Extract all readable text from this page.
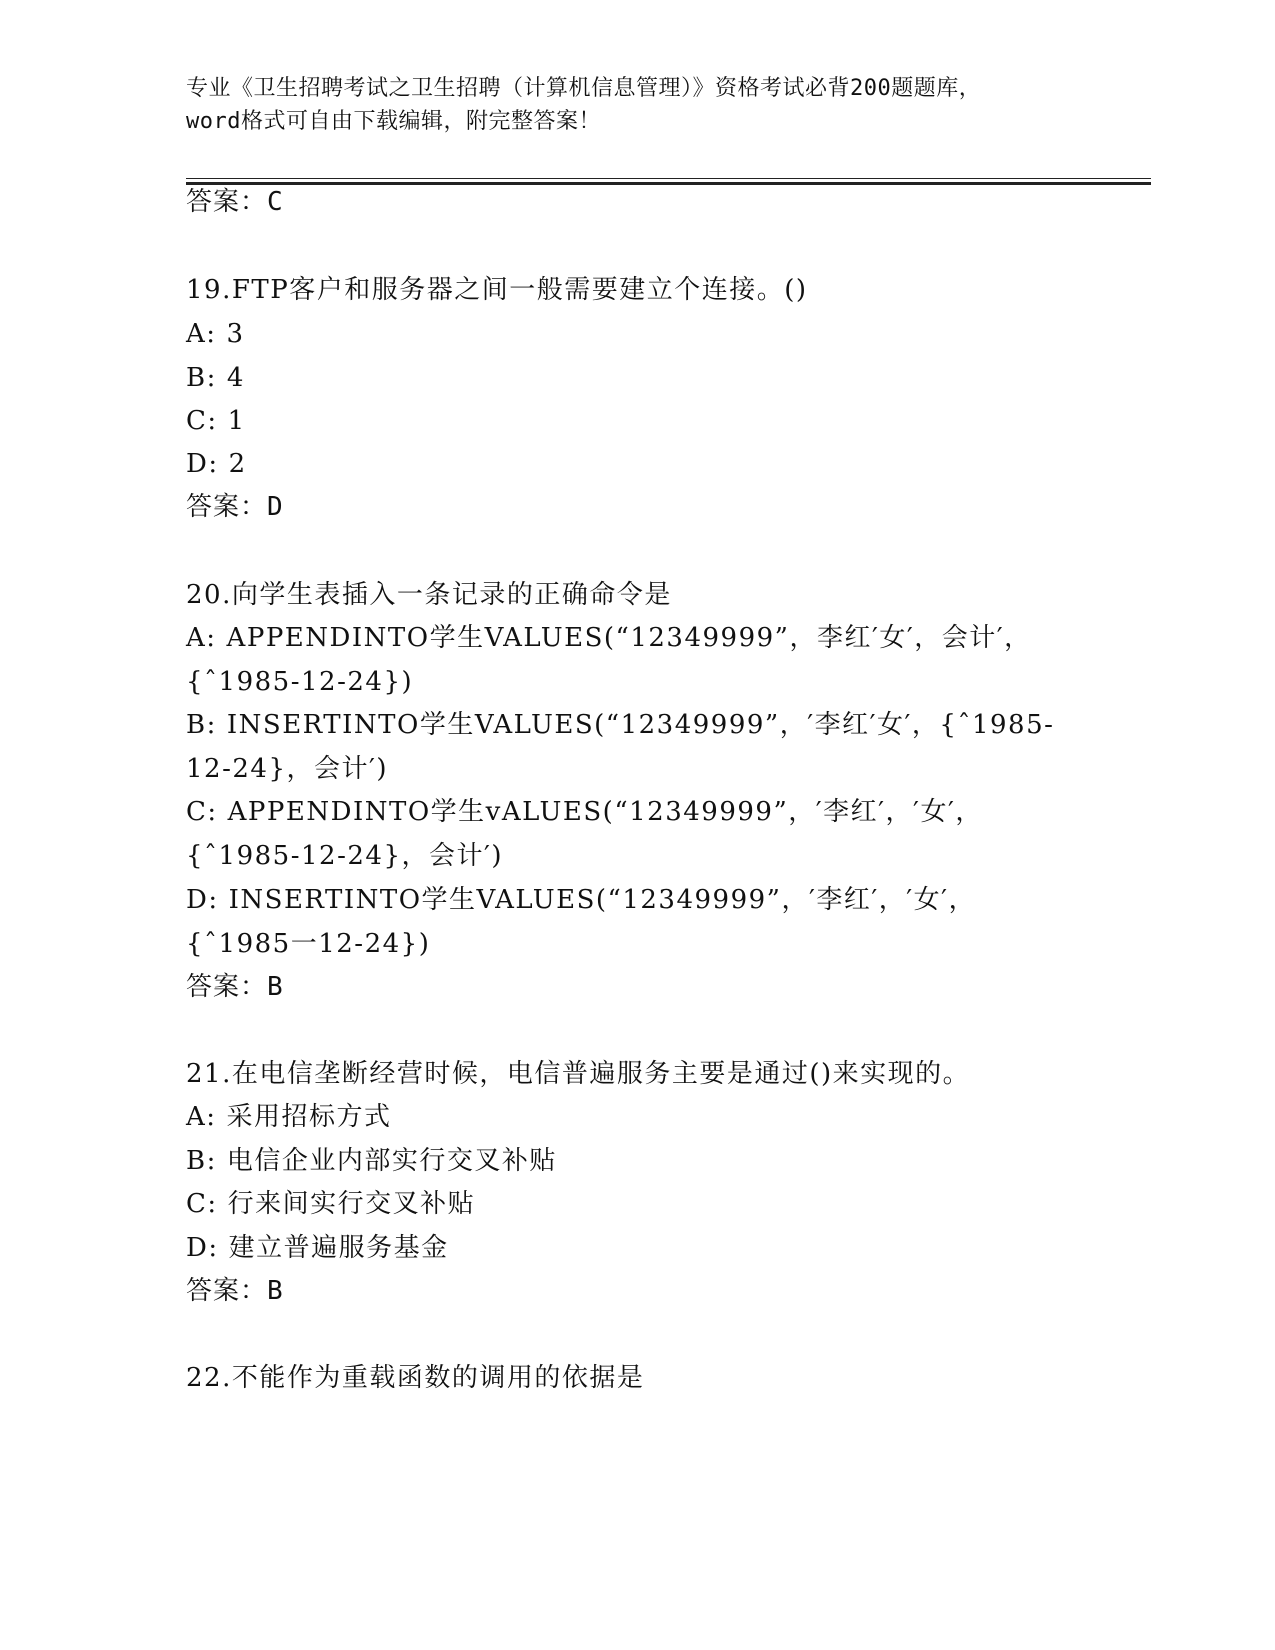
专业《卫生招聘考试之卫生招聘（计算机信息管理）》资格考试必背200题题库，
word格式可自由下载编辑，附完整答案！
答案：C
19.FTP客户和服务器之间一般需要建立个连接。()
A: 3
B: 4
C: 1
D: 2
答案：D
20.向学生表插入一条记录的正确命令是
A: APPENDINTO学生VALUES(“12349999”，李红′女′，会计′，
{ˆ1985-12-24})
B: INSERTINTO学生VALUES(“12349999”，′李红′女′，{ˆ1985-
12-24}，会计′)
C: APPENDINTO学生vALUES(“12349999”，′李红′，′女′，
{ˆ1985-12-24}，会计′)
D: INSERTINTO学生VALUES(“12349999”，′李红′，′女′，
{ˆ1985一12-24})
答案：B
21.在电信垄断经营时候，电信普遍服务主要是通过()来实现的。
A: 采用招标方式
B: 电信企业内部实行交叉补贴
C: 行来间实行交叉补贴
D: 建立普遍服务基金
答案：B
22.不能作为重载函数的调用的依据是
